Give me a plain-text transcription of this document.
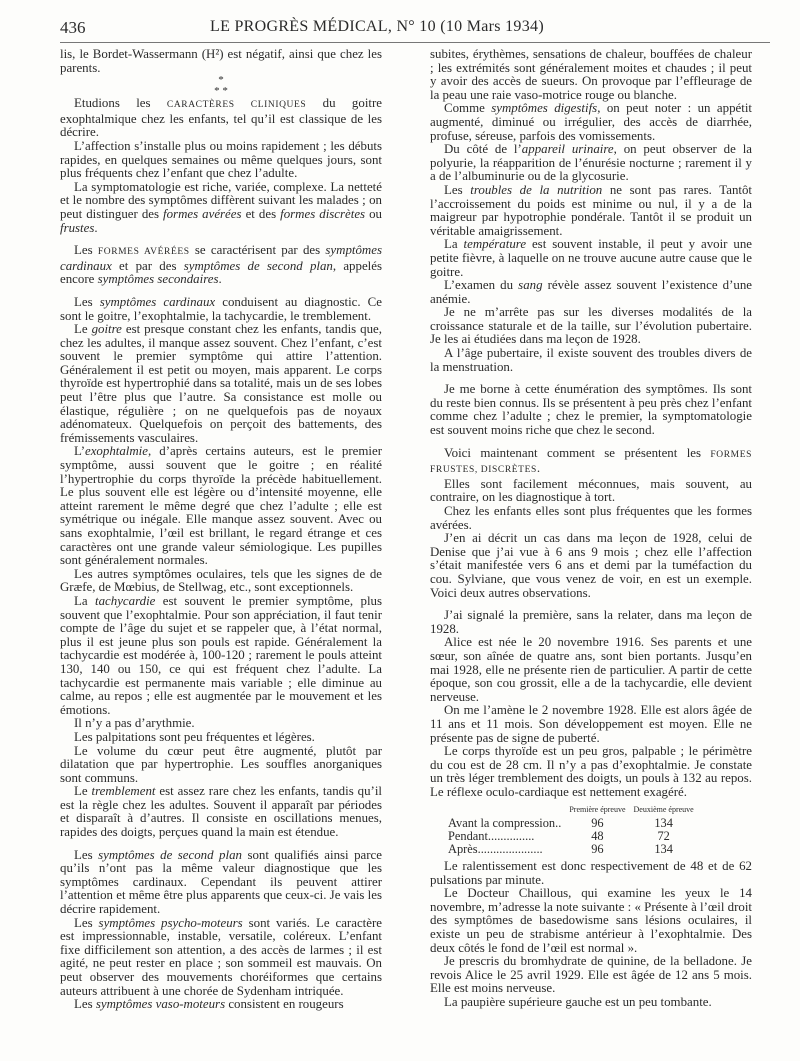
436	LE PROGRÈS MÉDICAL, N° 10 (10 Mars 1934)

lis, le Bordet-Wassermann (H²) est négatif, ainsi que chez les parents.

*
* *

Etudions les CARACTÈRES CLINIQUES du goitre exophtalmique chez les enfants, tel qu’il est classique de les décrire.

L’affection s’installe plus ou moins rapidement ; les débuts rapides, en quelques semaines ou même quelques jours, sont plus fréquents chez l’enfant que chez l’adulte.

La symptomatologie est riche, variée, complexe. La netteté et le nombre des symptômes diffèrent suivant les malades ; on peut distinguer des formes avérées et des formes discrètes ou frustes.

Les FORMES AVÉRÉES se caractérisent par des symptômes cardinaux et par des symptômes de second plan, appelés encore symptômes secondaires.

Les symptômes cardinaux conduisent au diagnostic. Ce sont le goitre, l’exophtalmie, la tachycardie, le tremblement.

Le goitre est presque constant chez les enfants, tandis que, chez les adultes, il manque assez souvent. Chez l’enfant, c’est souvent le premier symptôme qui attire l’attention. Généralement il est petit ou moyen, mais apparent. Le corps thyroïde est hypertrophié dans sa totalité, mais un de ses lobes peut l’être plus que l’autre. Sa consistance est molle ou élastique, régulière ; on ne quelquefois pas de noyaux adénomateux. Quelquefois on perçoit des battements, des frémissements vasculaires.

L’exophtalmie, d’après certains auteurs, est le premier symptôme, aussi souvent que le goitre ; en réalité l’hypertrophie du corps thyroïde la précède habituellement. Le plus souvent elle est légère ou d’intensité moyenne, elle atteint rarement le même degré que chez l’adulte ; elle est symétrique ou inégale. Elle manque assez souvent. Avec ou sans exophtalmie, l’œil est brillant, le regard étrange et ces caractères ont une grande valeur sémiologique. Les pupilles sont généralement normales.

Les autres symptômes oculaires, tels que les signes de de Græfe, de Mœbius, de Stellwag, etc., sont exceptionnels.

La tachycardie est souvent le premier symptôme, plus souvent que l’exophtalmie. Pour son appréciation, il faut tenir compte de l’âge du sujet et se rappeler que, à l’état normal, plus il est jeune plus son pouls est rapide. Généralement la tachycardie est modérée à, 100-120 ; rarement le pouls atteint 130, 140 ou 150, ce qui est fréquent chez l’adulte. La tachycardie est permanente mais variable ; elle diminue au calme, au repos ; elle est augmentée par le mouvement et les émotions.

Il n’y a pas d’arythmie.

Les palpitations sont peu fréquentes et légères.

Le volume du cœur peut être augmenté, plutôt par dilatation que par hypertrophie. Les souffles anorganiques sont communs.

Le tremblement est assez rare chez les enfants, tandis qu’il est la règle chez les adultes. Souvent il apparaît par périodes et disparaît à d’autres. Il consiste en oscillations menues, rapides des doigts, perçues quand la main est étendue.

Les symptômes de second plan sont qualifiés ainsi parce qu’ils n’ont pas la même valeur diagnostique que les symptômes cardinaux. Cependant ils peuvent attirer l’attention et même être plus apparents que ceux-ci. Je vais les décrire rapidement.

Les symptômes psycho-moteurs sont variés. Le caractère est impressionnable, instable, versatile, coléreux. L’enfant fixe difficilement son attention, a des accès de larmes ; il est agité, ne peut rester en place ; son sommeil est mauvais. On peut observer des mouvements choréiformes que certains auteurs attribuent à une chorée de Sydenham intriquée.

Les symptômes vaso-moteurs consistent en rougeurs

subites, érythèmes, sensations de chaleur, bouffées de chaleur ; les extrémités sont généralement moites et chaudes ; il peut y avoir des accès de sueurs. On provoque par l’effleurage de la peau une raie vaso-motrice rouge ou blanche.

Comme symptômes digestifs, on peut noter : un appétit augmenté, diminué ou irrégulier, des accès de diarrhée, profuse, séreuse, parfois des vomissements.

Du côté de l’appareil urinaire, on peut observer de la polyurie, la réapparition de l’énurésie nocturne ; rarement il y a de l’albuminurie ou de la glycosurie.

Les troubles de la nutrition ne sont pas rares. Tantôt l’accroissement du poids est minime ou nul, il y a de la maigreur par hypotrophie pondérale. Tantôt il se produit un véritable amaigrissement.

La température est souvent instable, il peut y avoir une petite fièvre, à laquelle on ne trouve aucune autre cause que le goitre.

L’examen du sang révèle assez souvent l’existence d’une anémie.

Je ne m’arrête pas sur les diverses modalités de la croissance staturale et de la taille, sur l’évolution pubertaire. Je les ai étudiées dans ma leçon de 1928.

A l’âge pubertaire, il existe souvent des troubles divers de la menstruation.

Je me borne à cette énumération des symptômes. Ils sont du reste bien connus. Ils se présentent à peu près chez l’enfant comme chez l’adulte ; chez le premier, la symptomatologie est souvent moins riche que chez le second.

Voici maintenant comment se présentent les FORMES FRUSTES, DISCRÈTES.

Elles sont facilement méconnues, mais souvent, au contraire, on les diagnostique à tort.

Chez les enfants elles sont plus fréquentes que les formes avérées.

J’en ai décrit un cas dans ma leçon de 1928, celui de Denise que j’ai vue à 6 ans 9 mois ; chez elle l’affection s’était manifestée vers 6 ans et demi par la tuméfaction du cou. Sylviane, que vous venez de voir, en est un exemple. Voici deux autres observations.

J’ai signalé la première, sans la relater, dans ma leçon de 1928.

Alice est née le 20 novembre 1916. Ses parents et une sœur, son aînée de quatre ans, sont bien portants. Jusqu’en mai 1928, elle ne présente rien de particulier. A partir de cette époque, son cou grossit, elle a de la tachycardie, elle devient nerveuse.

On me l’amène le 2 novembre 1928. Elle est alors âgée de 11 ans et 11 mois. Son développement est moyen. Elle ne présente pas de signe de puberté.

Le corps thyroïde est un peu gros, palpable ; le périmètre du cou est de 28 cm. Il n’y a pas d’exophtalmie. Je constate un très léger tremblement des doigts, un pouls à 132 au repos. Le réflexe oculo-cardiaque est nettement exagéré.

	Première épreuve	Deuxième épreuve
Avant la compression..	96	134
Pendant...............	48	72
Après.....................	96	134

Le ralentissement est donc respectivement de 48 et de 62 pulsations par minute.

Le Docteur Chaillous, qui examine les yeux le 14 novembre, m’adresse la note suivante : « Présente à l’œil droit des symptômes de basedowisme sans lésions oculaires, il existe un peu de strabisme antérieur à l’exophtalmie. Des deux côtés le fond de l’œil est normal ».

Je prescris du bromhydrate de quinine, de la belladone. Je revois Alice le 25 avril 1929. Elle est âgée de 12 ans 5 mois. Elle est moins nerveuse.

La paupière supérieure gauche est un peu tombante.
